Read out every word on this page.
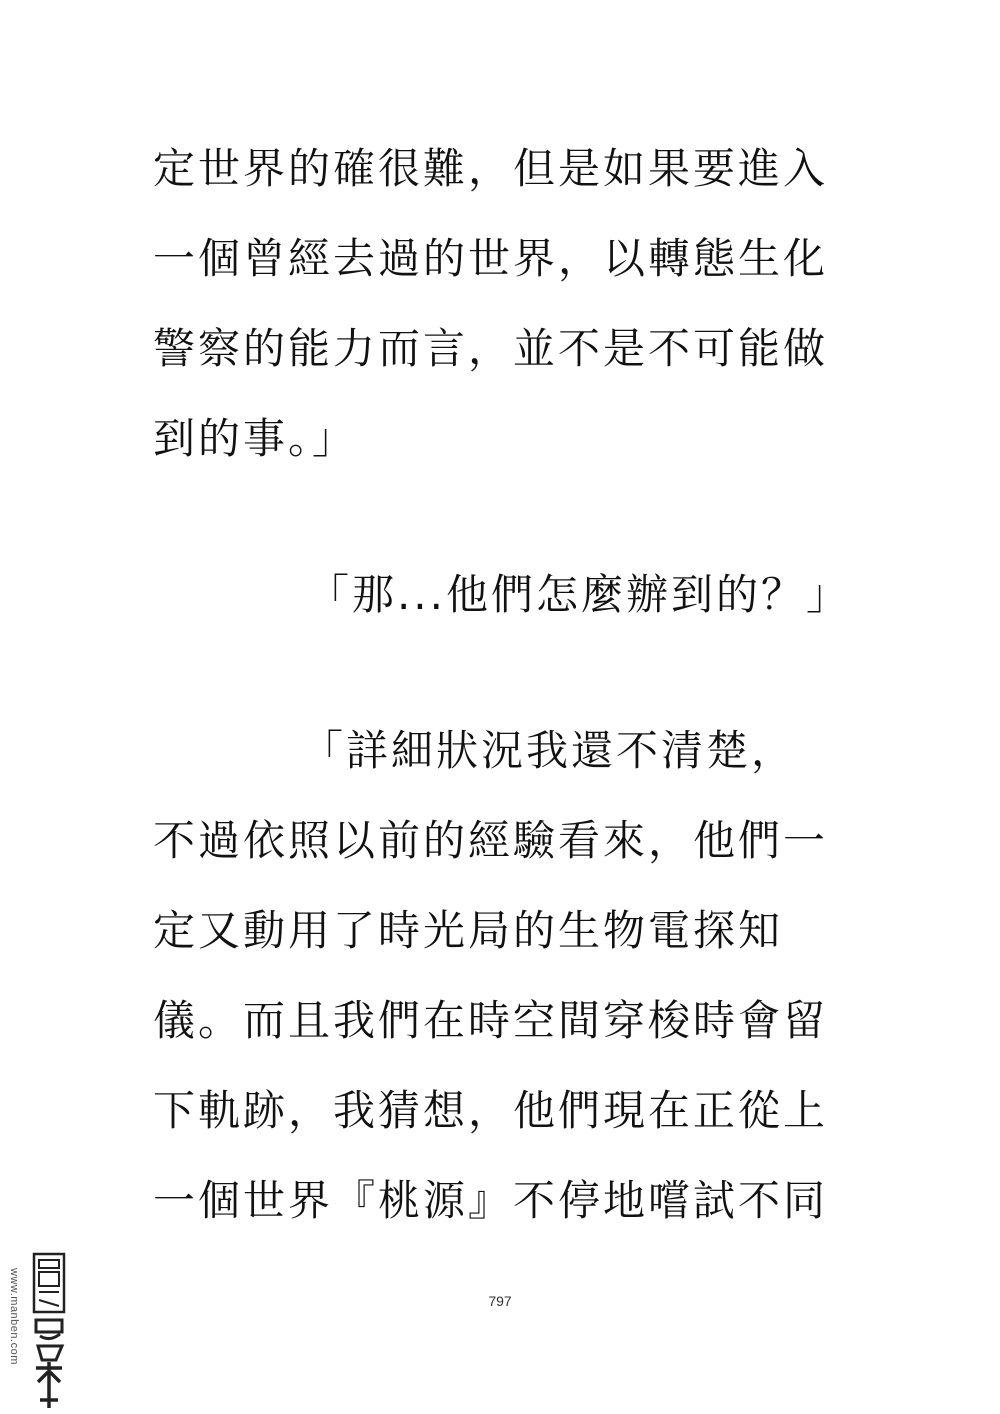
定世界的確很難，但是如果要進入
一個曾經去過的世界，以轉態生化
警察的能力而言，並不是不可能做
到的事。」
「那...他們怎麼辦到的？」
「詳細狀況我還不清楚，
不過依照以前的經驗看來，他們一
定又動用了時光局的生物電探知
儀。而且我們在時空間穿梭時會留
下軌跡，我猜想，他們現在正從上
一個世界『桃源』不停地嚐試不同
797
www.manben.com
